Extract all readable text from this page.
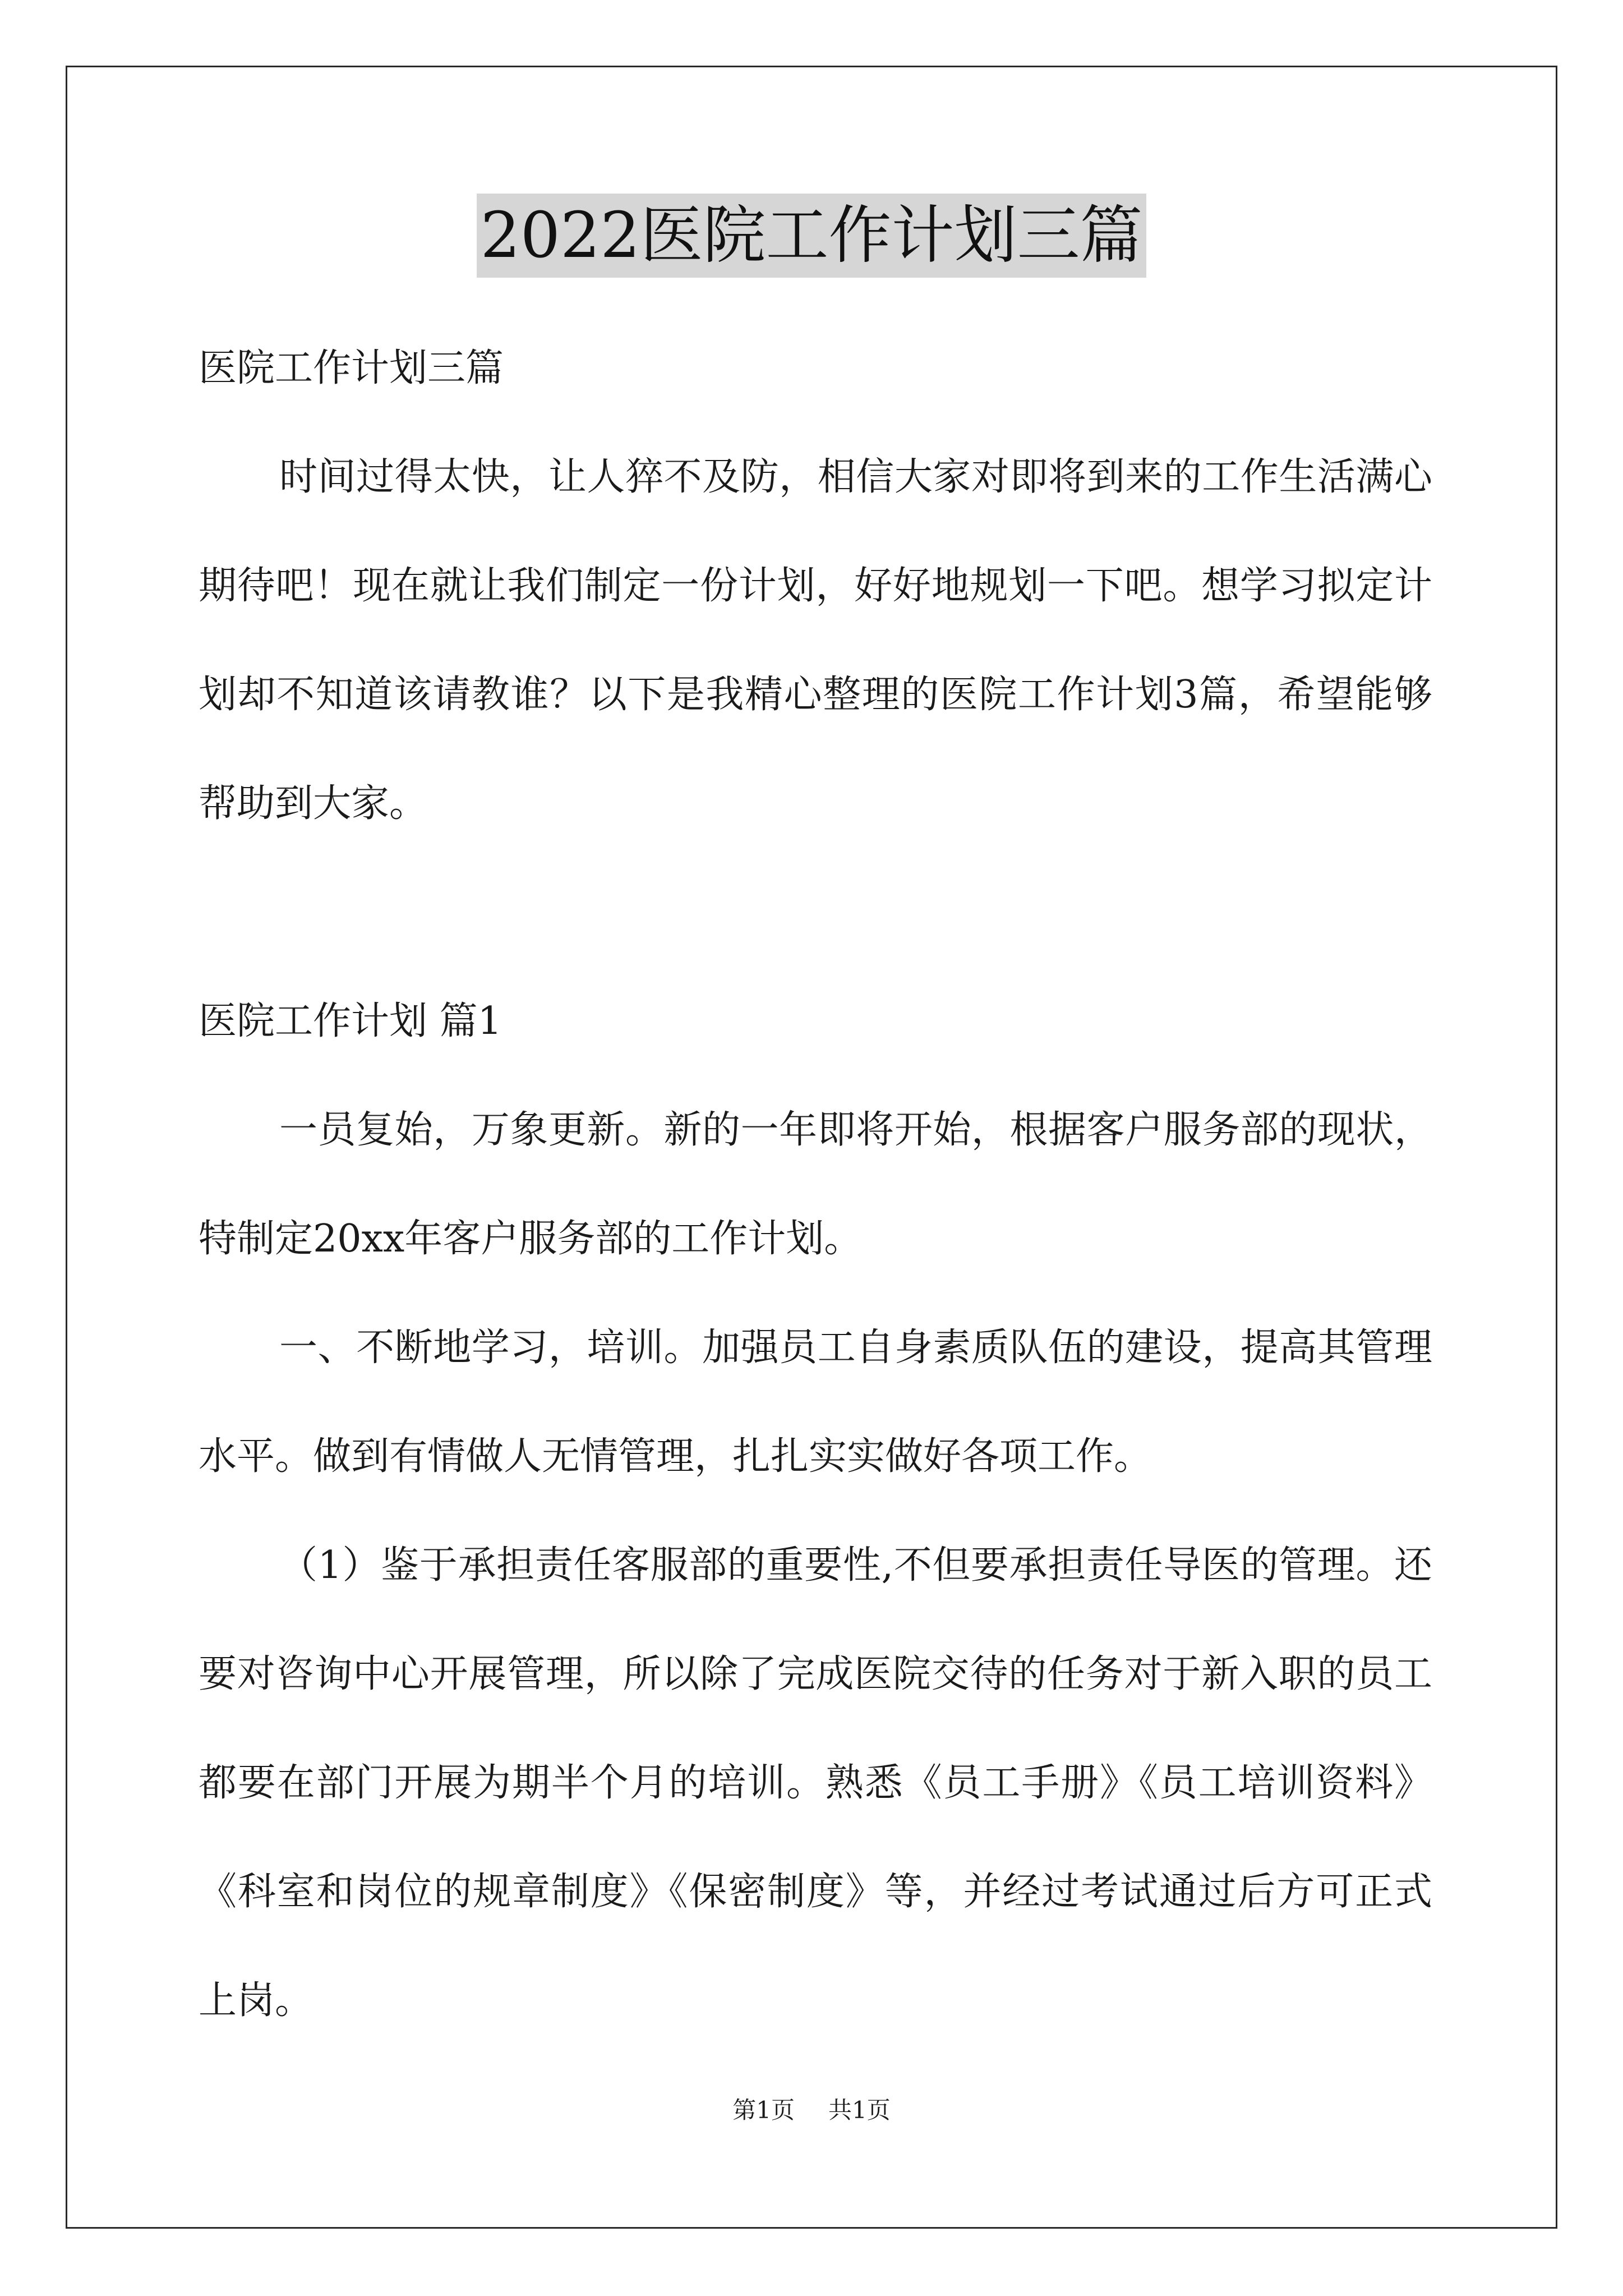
2022医院工作计划三篇

医院工作计划三篇

时间过得太快，让人猝不及防，相信大家对即将到来的工作生活满心期待吧！现在就让我们制定一份计划，好好地规划一下吧。想学习拟定计划却不知道该请教谁？以下是我精心整理的医院工作计划3篇，希望能够帮助到大家。

医院工作计划 篇1

一员复始，万象更新。新的一年即将开始，根据客户服务部的现状，特制定20xx年客户服务部的工作计划。

一、不断地学习，培训。加强员工自身素质队伍的建设，提高其管理水平。做到有情做人无情管理，扎扎实实做好各项工作。

（1）鉴于承担责任客服部的重要性,不但要承担责任导医的管理。还要对咨询中心开展管理，所以除了完成医院交待的任务对于新入职的员工都要在部门开展为期半个月的培训。熟悉《员工手册》《员工培训资料》《科室和岗位的规章制度》《保密制度》等，并经过考试通过后方可正式上岗。

第1页 共1页
